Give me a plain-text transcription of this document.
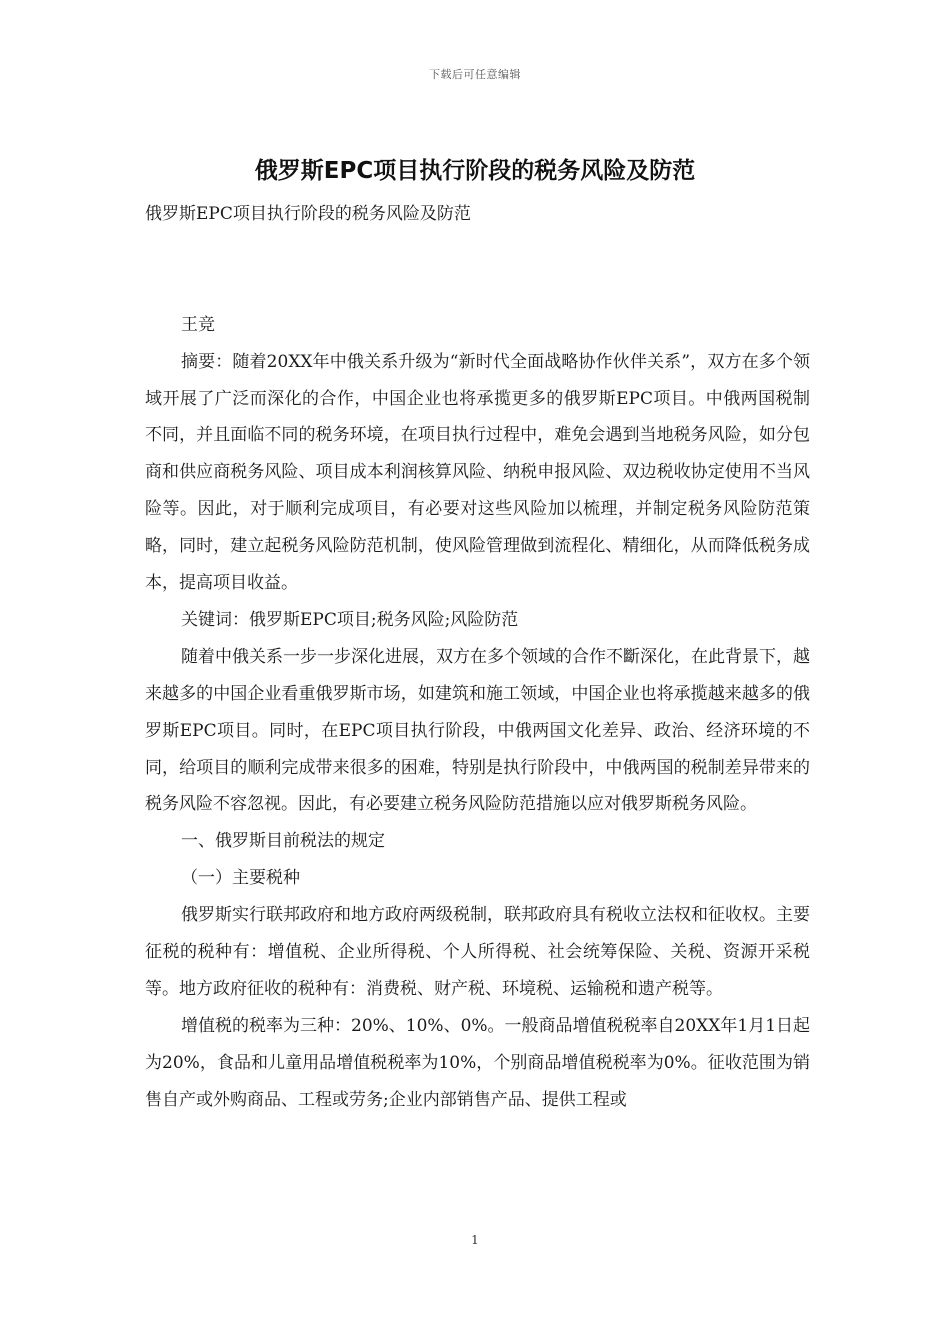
下载后可任意编辑
俄罗斯EPC项目执行阶段的税务风险及防范

俄罗斯EPC项目执行阶段的税务风险及防范

王竞

摘要：随着20XX年中俄关系升级为“新时代全面战略协作伙伴关系”，双方在多个领域开展了广泛而深化的合作，中国企业也将承揽更多的俄罗斯EPC项目。中俄两国税制不同，并且面临不同的税务环境，在项目执行过程中，难免会遇到当地税务风险，如分包商和供应商税务风险、项目成本利润核算风险、纳税申报风险、双边税收协定使用不当风险等。因此，对于顺利完成项目，有必要对这些风险加以梳理，并制定税务风险防范策略，同时，建立起税务风险防范机制，使风险管理做到流程化、精细化，从而降低税务成本，提高项目收益。

关键词：俄罗斯EPC项目;税务风险;风险防范

随着中俄关系一步一步深化进展，双方在多个领域的合作不斷深化，在此背景下，越来越多的中国企业看重俄罗斯市场，如建筑和施工领域，中国企业也将承揽越来越多的俄罗斯EPC项目。同时，在EPC项目执行阶段，中俄两国文化差异、政治、经济环境的不同，给项目的顺利完成带来很多的困难，特别是执行阶段中，中俄两国的税制差异带来的税务风险不容忽视。因此，有必要建立税务风险防范措施以应对俄罗斯税务风险。

一、俄罗斯目前税法的规定

（一）主要税种

俄罗斯实行联邦政府和地方政府两级税制，联邦政府具有税收立法权和征收权。主要征税的税种有：增值税、企业所得税、个人所得税、社会统筹保险、关税、资源开采税等。地方政府征收的税种有：消费税、财产税、环境税、运输税和遗产税等。

增值税的税率为三种：20%、10%、0%。一般商品增值税税率自20XX年1月1日起为20%，食品和儿童用品增值税税率为10%，个别商品增值税税率为0%。征收范围为销售自产或外购商品、工程或劳务;企业内部销售产品、提供工程或

1
